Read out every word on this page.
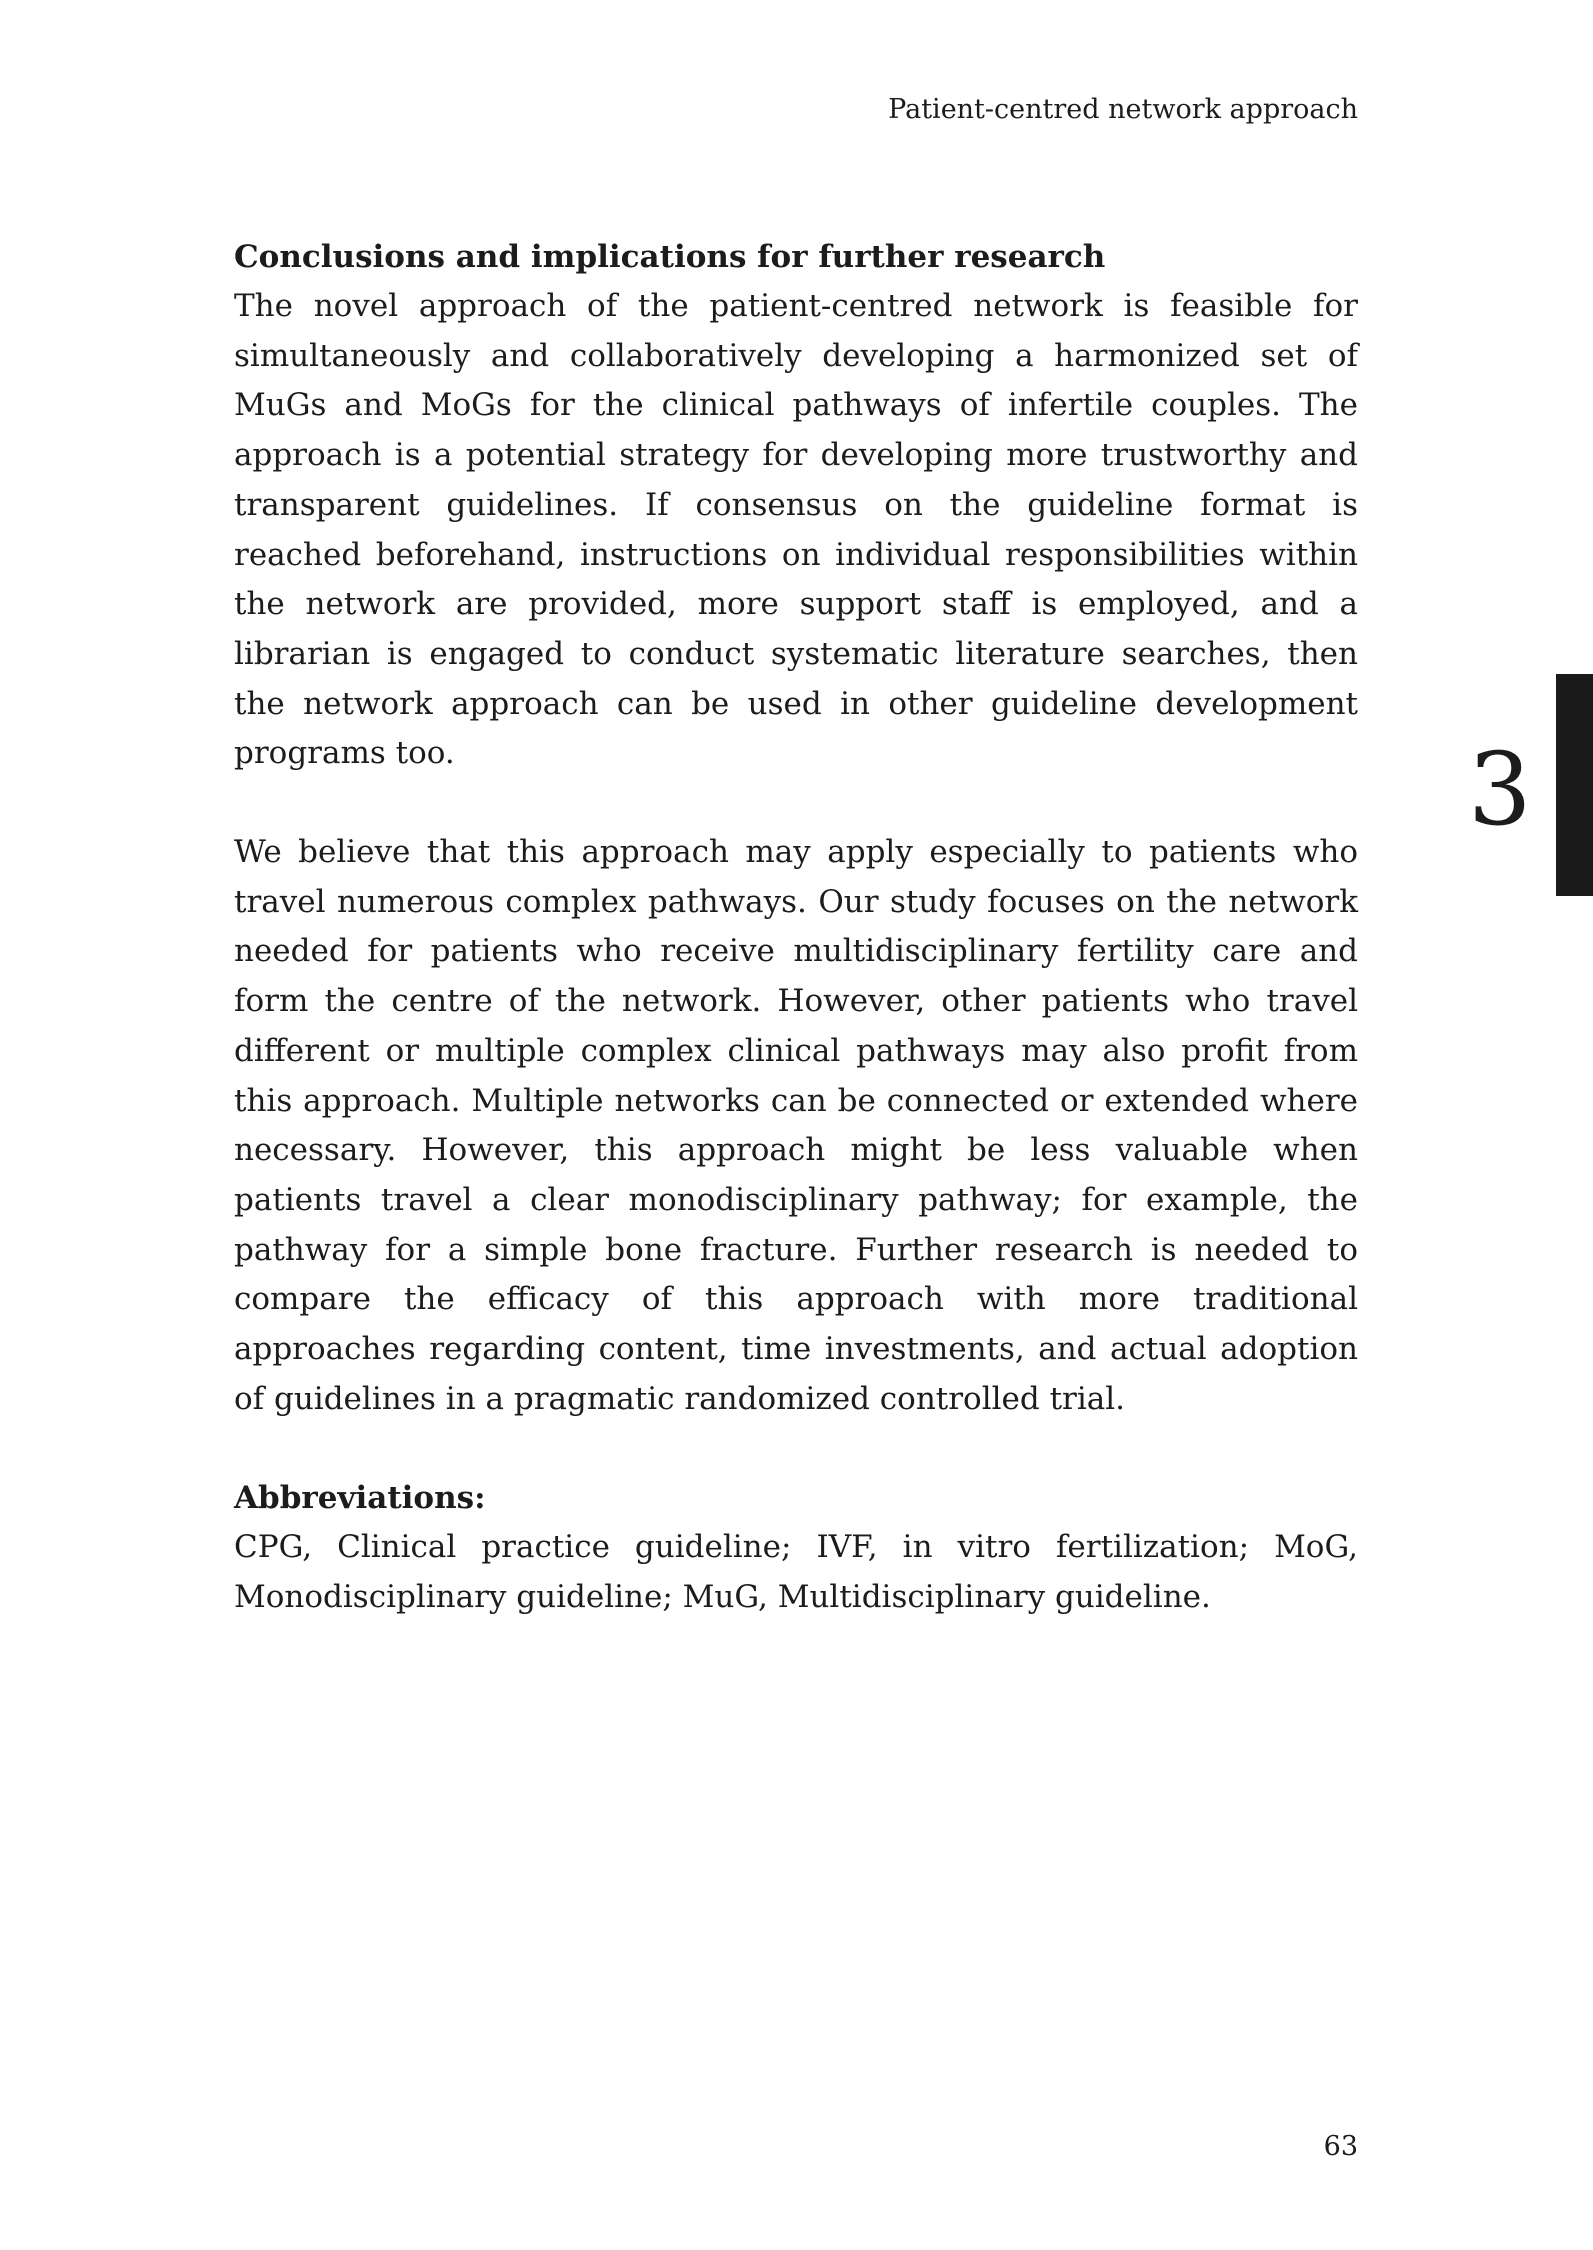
Patient-centred network approach
3
Conclusions and implications for further research

The novel approach of the patient-centred network is feasible for simultaneously and collaboratively developing a harmonized set of MuGs and MoGs for the clinical pathways of infertile couples. The approach is a potential strategy for developing more trustworthy and transparent guidelines. If consensus on the guideline format is reached beforehand, instructions on individual responsibilities within the network are provided, more support staff is employed, and a librarian is engaged to conduct systematic literature searches, then the network approach can be used in other guideline development programs too.

We believe that this approach may apply especially to patients who travel numerous complex pathways. Our study focuses on the network needed for patients who receive multidisciplinary fertility care and form the centre of the network. However, other patients who travel different or multiple complex clinical pathways may also profit from this approach. Multiple networks can be connected or extended where necessary. However, this approach might be less valuable when patients travel a clear monodisciplinary pathway; for example, the pathway for a simple bone fracture. Further research is needed to compare the efficacy of this approach with more traditional approaches regarding content, time investments, and actual adoption of guidelines in a pragmatic randomized controlled trial.

Abbreviations:

CPG, Clinical practice guideline; IVF, in vitro fertilization; MoG, Monodisciplinary guideline; MuG, Multidisciplinary guideline.

63
